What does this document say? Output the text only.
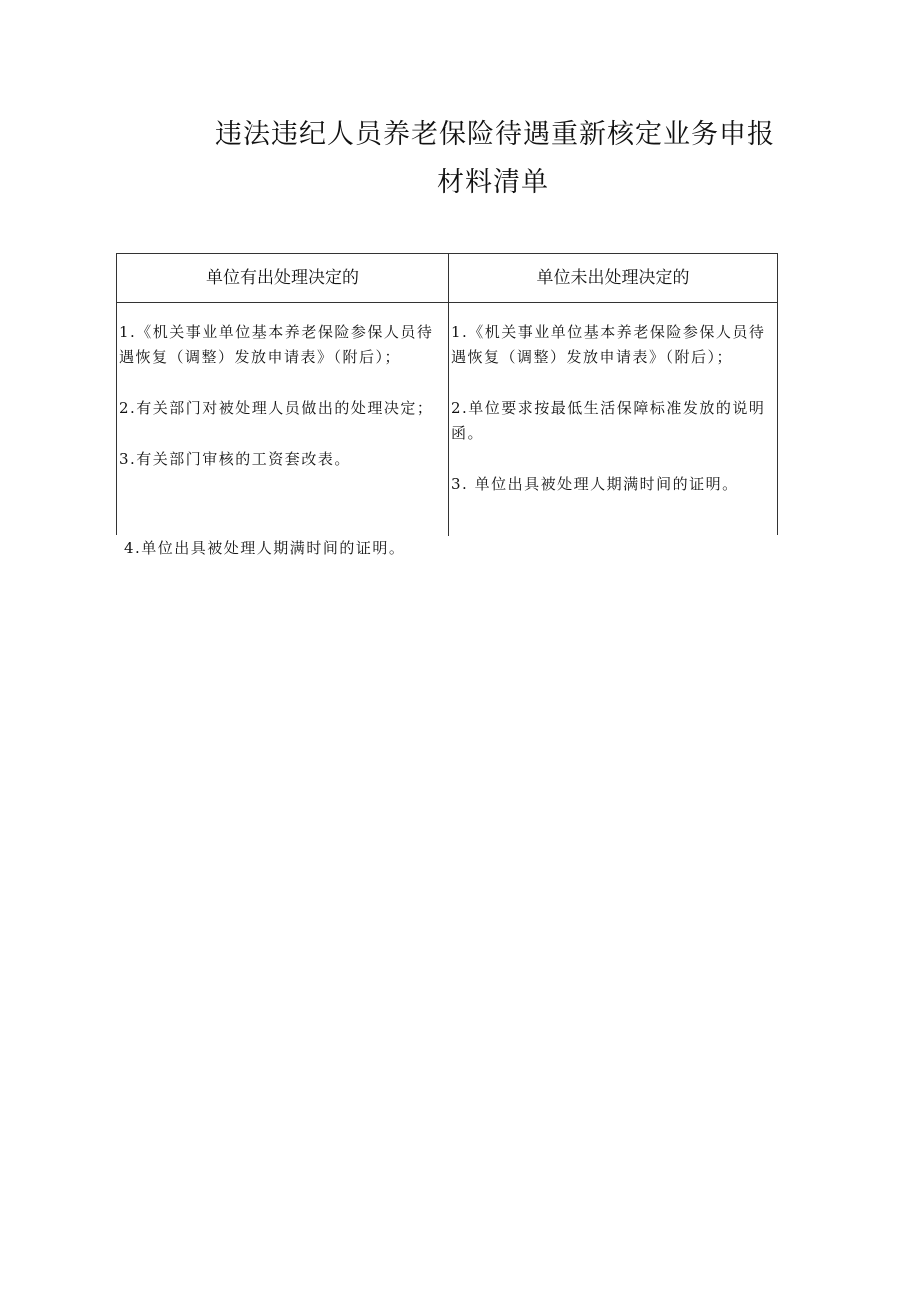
违法违纪人员养老保险待遇重新核定业务申报
材料清单
单位有出处理决定的	单位未出处理决定的

1.《机关事业单位基本养老保险参保人员待遇恢复（调整）发放申请表》（附后）；

2.有关部门对被处理人员做出的处理决定；

3.有关部门审核的工资套改表。

1.《机关事业单位基本养老保险参保人员待遇恢复（调整）发放申请表》（附后）；

2.单位要求按最低生活保障标准发放的说明函。

3. 单位出具被处理人期满时间的证明。

4.单位出具被处理人期满时间的证明。
